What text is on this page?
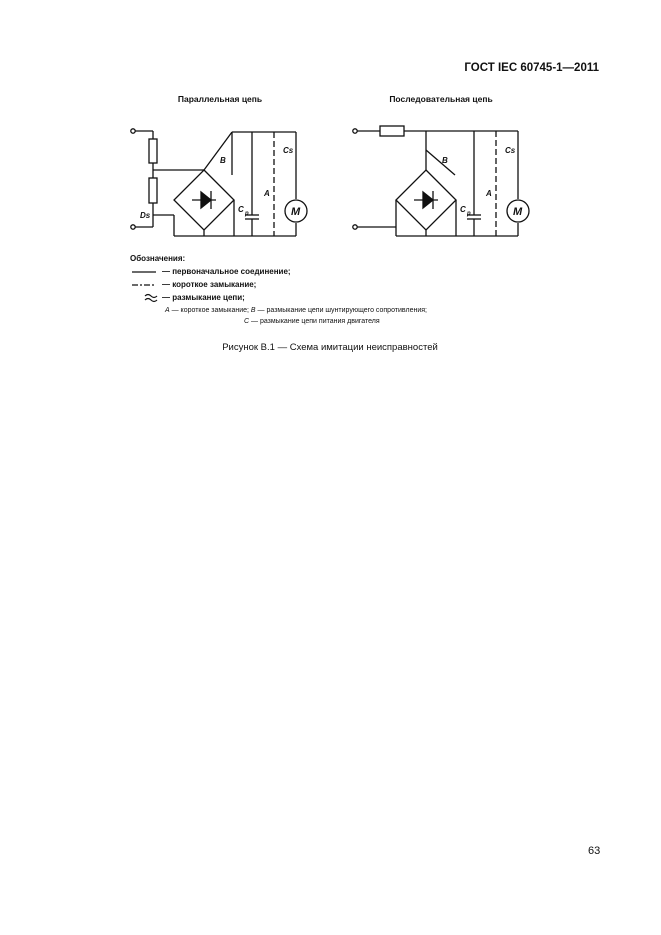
ГОСТ IEC 60745-1—2011
Параллельная цепь	Последовательная цепь
B
A
Cs
Ds
C p	M
B
A
Cs
C p	M
Обозначения:
— первоначальное соединение;
— короткое замыкание;
— размыкание цепи;
A — короткое замыкание; B — размыкание цепи шунтирующего сопротивления;
C — размыкание цепи питания двигателя
Рисунок В.1 — Схема имитации неисправностей
63
